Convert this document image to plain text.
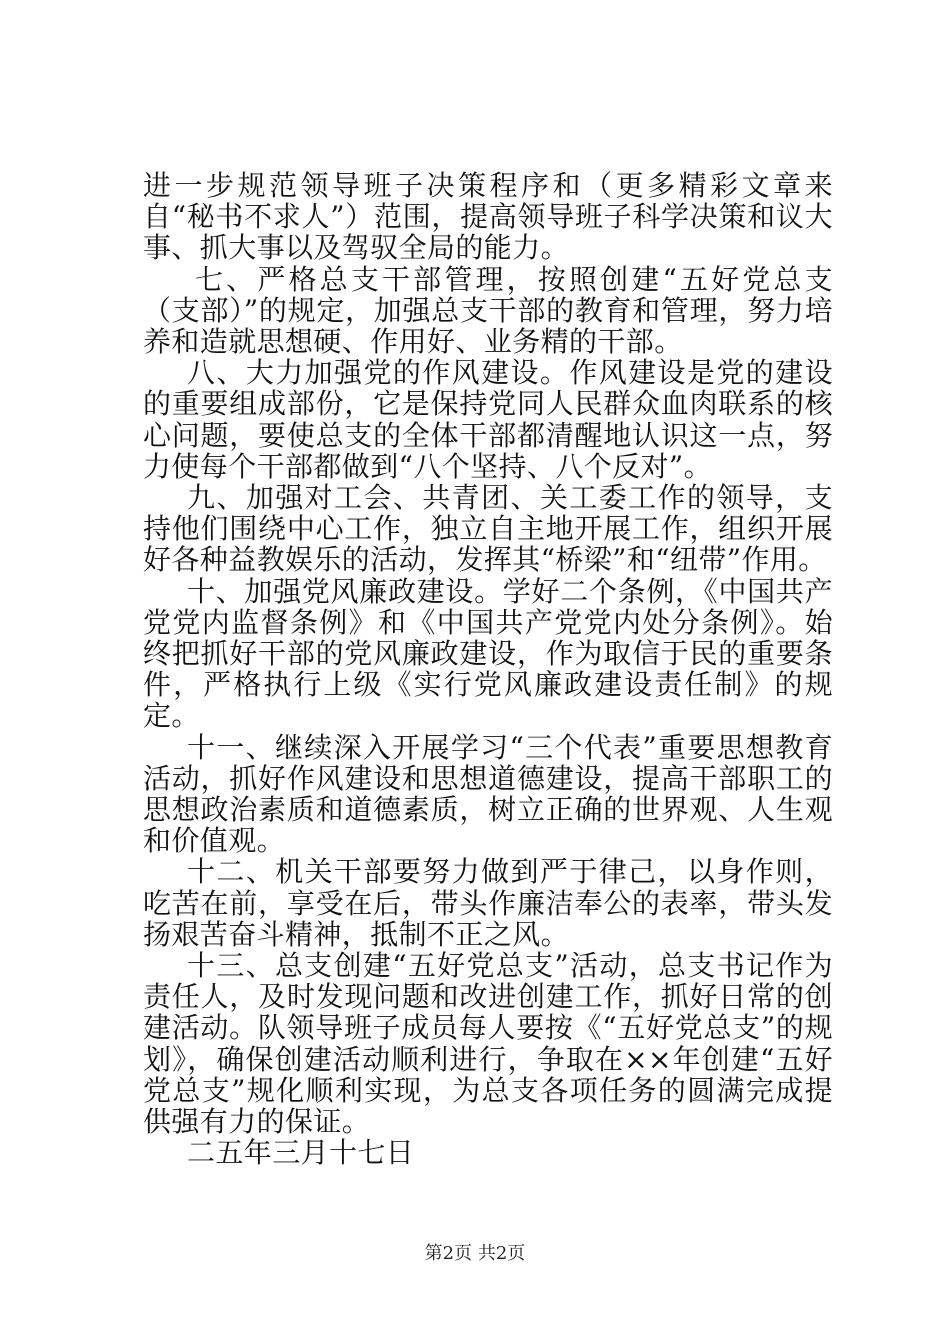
进一步规范领导班子决策程序和（更多精彩文章来自“秘书不求人”）范围，提高领导班子科学决策和议大事、抓大事以及驾驭全局的能力。

七、严格总支干部管理，按照创建“五好党总支（支部）”的规定，加强总支干部的教育和管理，努力培养和造就思想硬、作用好、业务精的干部。

八、大力加强党的作风建设。作风建设是党的建设的重要组成部份，它是保持党同人民群众血肉联系的核心问题，要使总支的全体干部都清醒地认识这一点，努力使每个干部都做到“八个坚持、八个反对”。

九、加强对工会、共青团、关工委工作的领导，支持他们围绕中心工作，独立自主地开展工作，组织开展好各种益教娱乐的活动，发挥其“桥梁”和“纽带”作用。

十、加强党风廉政建设。学好二个条例，《中国共产党党内监督条例》和《中国共产党党内处分条例》。始终把抓好干部的党风廉政建设，作为取信于民的重要条件，严格执行上级《实行党风廉政建设责任制》的规定。

十一、继续深入开展学习“三个代表”重要思想教育活动，抓好作风建设和思想道德建设，提高干部职工的思想政治素质和道德素质，树立正确的世界观、人生观和价值观。

十二、机关干部要努力做到严于律己，以身作则，吃苦在前，享受在后，带头作廉洁奉公的表率，带头发扬艰苦奋斗精神，抵制不正之风。

十三、总支创建“五好党总支”活动，总支书记作为责任人，及时发现问题和改进创建工作，抓好日常的创建活动。队领导班子成员每人要按《“五好党总支”的规划》，确保创建活动顺利进行，争取在××年创建“五好党总支”规化顺利实现，为总支各项任务的圆满完成提供强有力的保证。

二五年三月十七日

第2页 共2页
